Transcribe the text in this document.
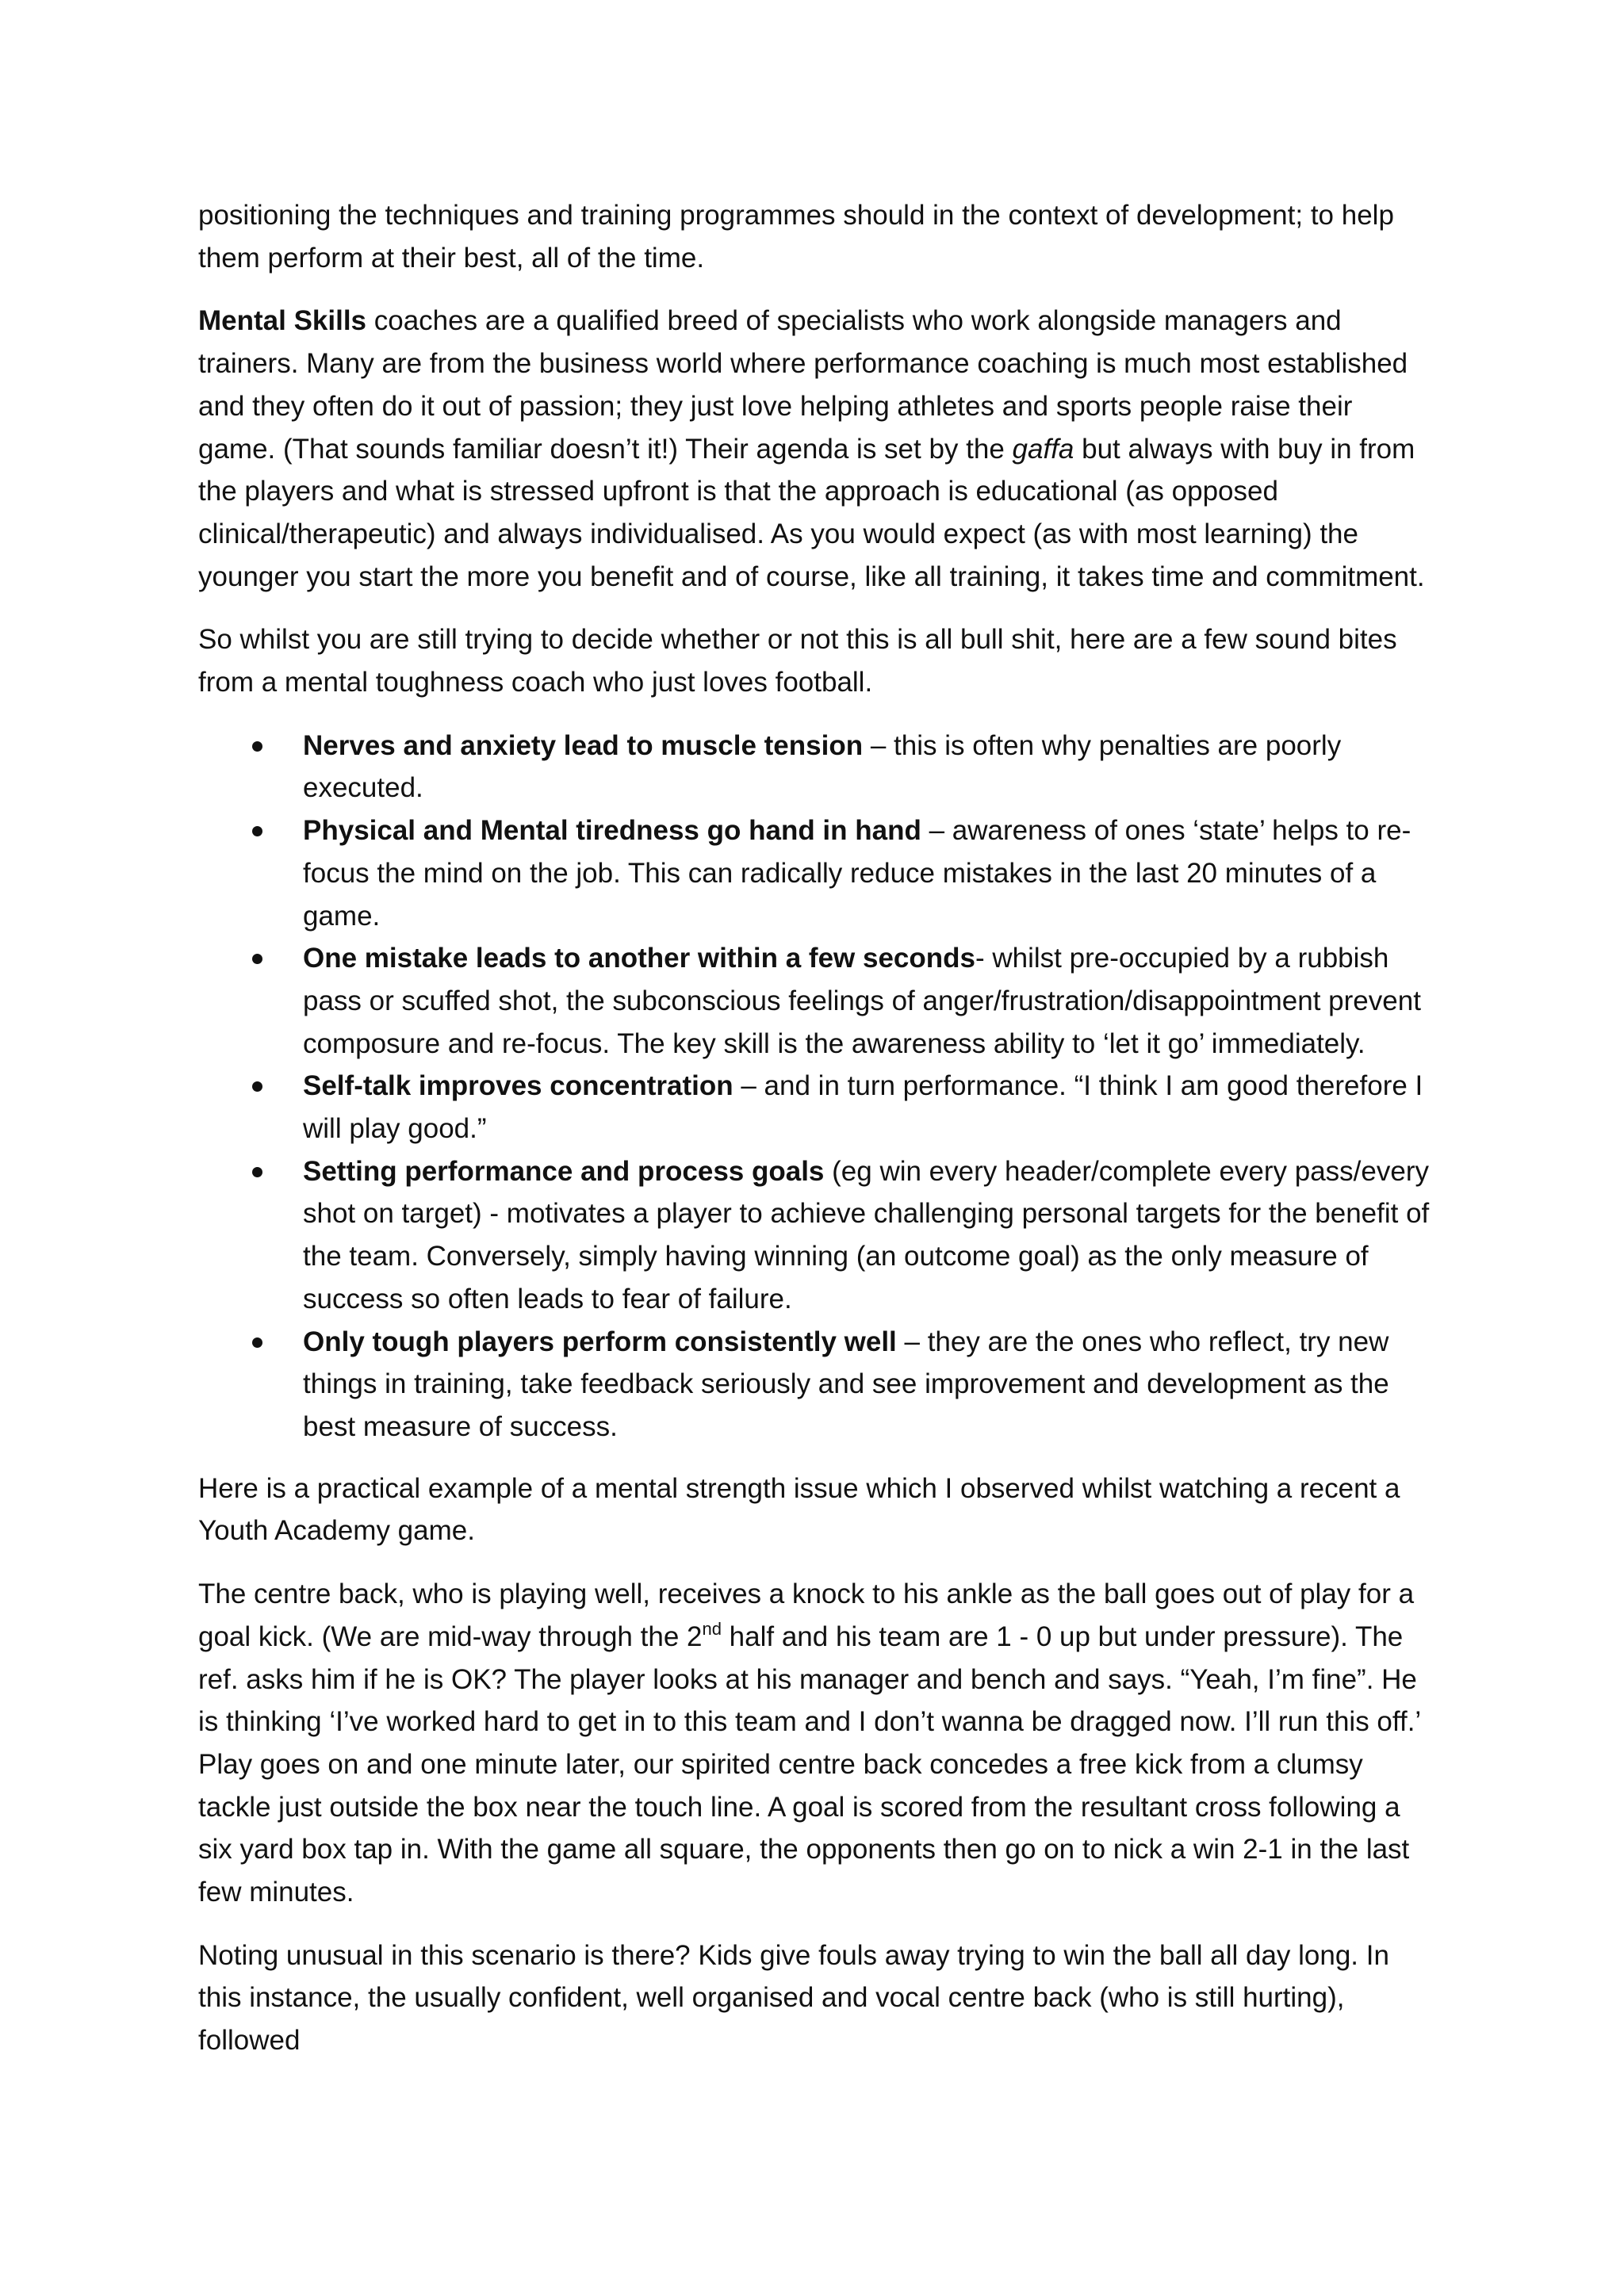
positioning the techniques and training programmes should in the context of development; to help them perform at their best, all of the time.

Mental Skills coaches are a qualified breed of specialists who work alongside managers and trainers. Many are from the business world where performance coaching is much most established and they often do it out of passion; they just love helping athletes and sports people raise their game. (That sounds familiar doesn’t it!) Their agenda is set by the gaffa but always with buy in from the players and what is stressed upfront is that the approach is educational (as opposed clinical/therapeutic) and always individualised. As you would expect (as with most learning) the younger you start the more you benefit and of course, like all training, it takes time and commitment.

So whilst you are still trying to decide whether or not this is all bull shit, here are a few sound bites from a mental toughness coach who just loves football.

Nerves and anxiety lead to muscle tension – this is often why penalties are poorly executed.
Physical and Mental tiredness go hand in hand – awareness of ones ‘state’ helps to re-focus the mind on the job. This can radically reduce mistakes in the last 20 minutes of a game.
One mistake leads to another within a few seconds- whilst pre-occupied by a rubbish pass or scuffed shot, the subconscious feelings of anger/frustration/disappointment prevent composure and re-focus. The key skill is the awareness ability to ‘let it go’ immediately.
Self-talk improves concentration – and in turn performance. “I think I am good therefore I will play good.”
Setting performance and process goals (eg win every header/complete every pass/every shot on target) - motivates a player to achieve challenging personal targets for the benefit of the team. Conversely, simply having winning (an outcome goal) as the only measure of success so often leads to fear of failure.
Only tough players perform consistently well – they are the ones who reflect, try new things in training, take feedback seriously and see improvement and development as the best measure of success.

Here is a practical example of a mental strength issue which I observed whilst watching a recent a Youth Academy game.

The centre back, who is playing well, receives a knock to his ankle as the ball goes out of play for a goal kick. (We are mid-way through the 2nd half and his team are 1 - 0 up but under pressure). The ref. asks him if he is OK? The player looks at his manager and bench and says. “Yeah, I’m fine”. He is thinking ‘I’ve worked hard to get in to this team and I don’t wanna be dragged now. I’ll run this off.’ Play goes on and one minute later, our spirited centre back concedes a free kick from a clumsy tackle just outside the box near the touch line. A goal is scored from the resultant cross following a six yard box tap in. With the game all square, the opponents then go on to nick a win 2-1 in the last few minutes.

Noting unusual in this scenario is there? Kids give fouls away trying to win the ball all day long. In this instance, the usually confident, well organised and vocal centre back (who is still hurting), followed
